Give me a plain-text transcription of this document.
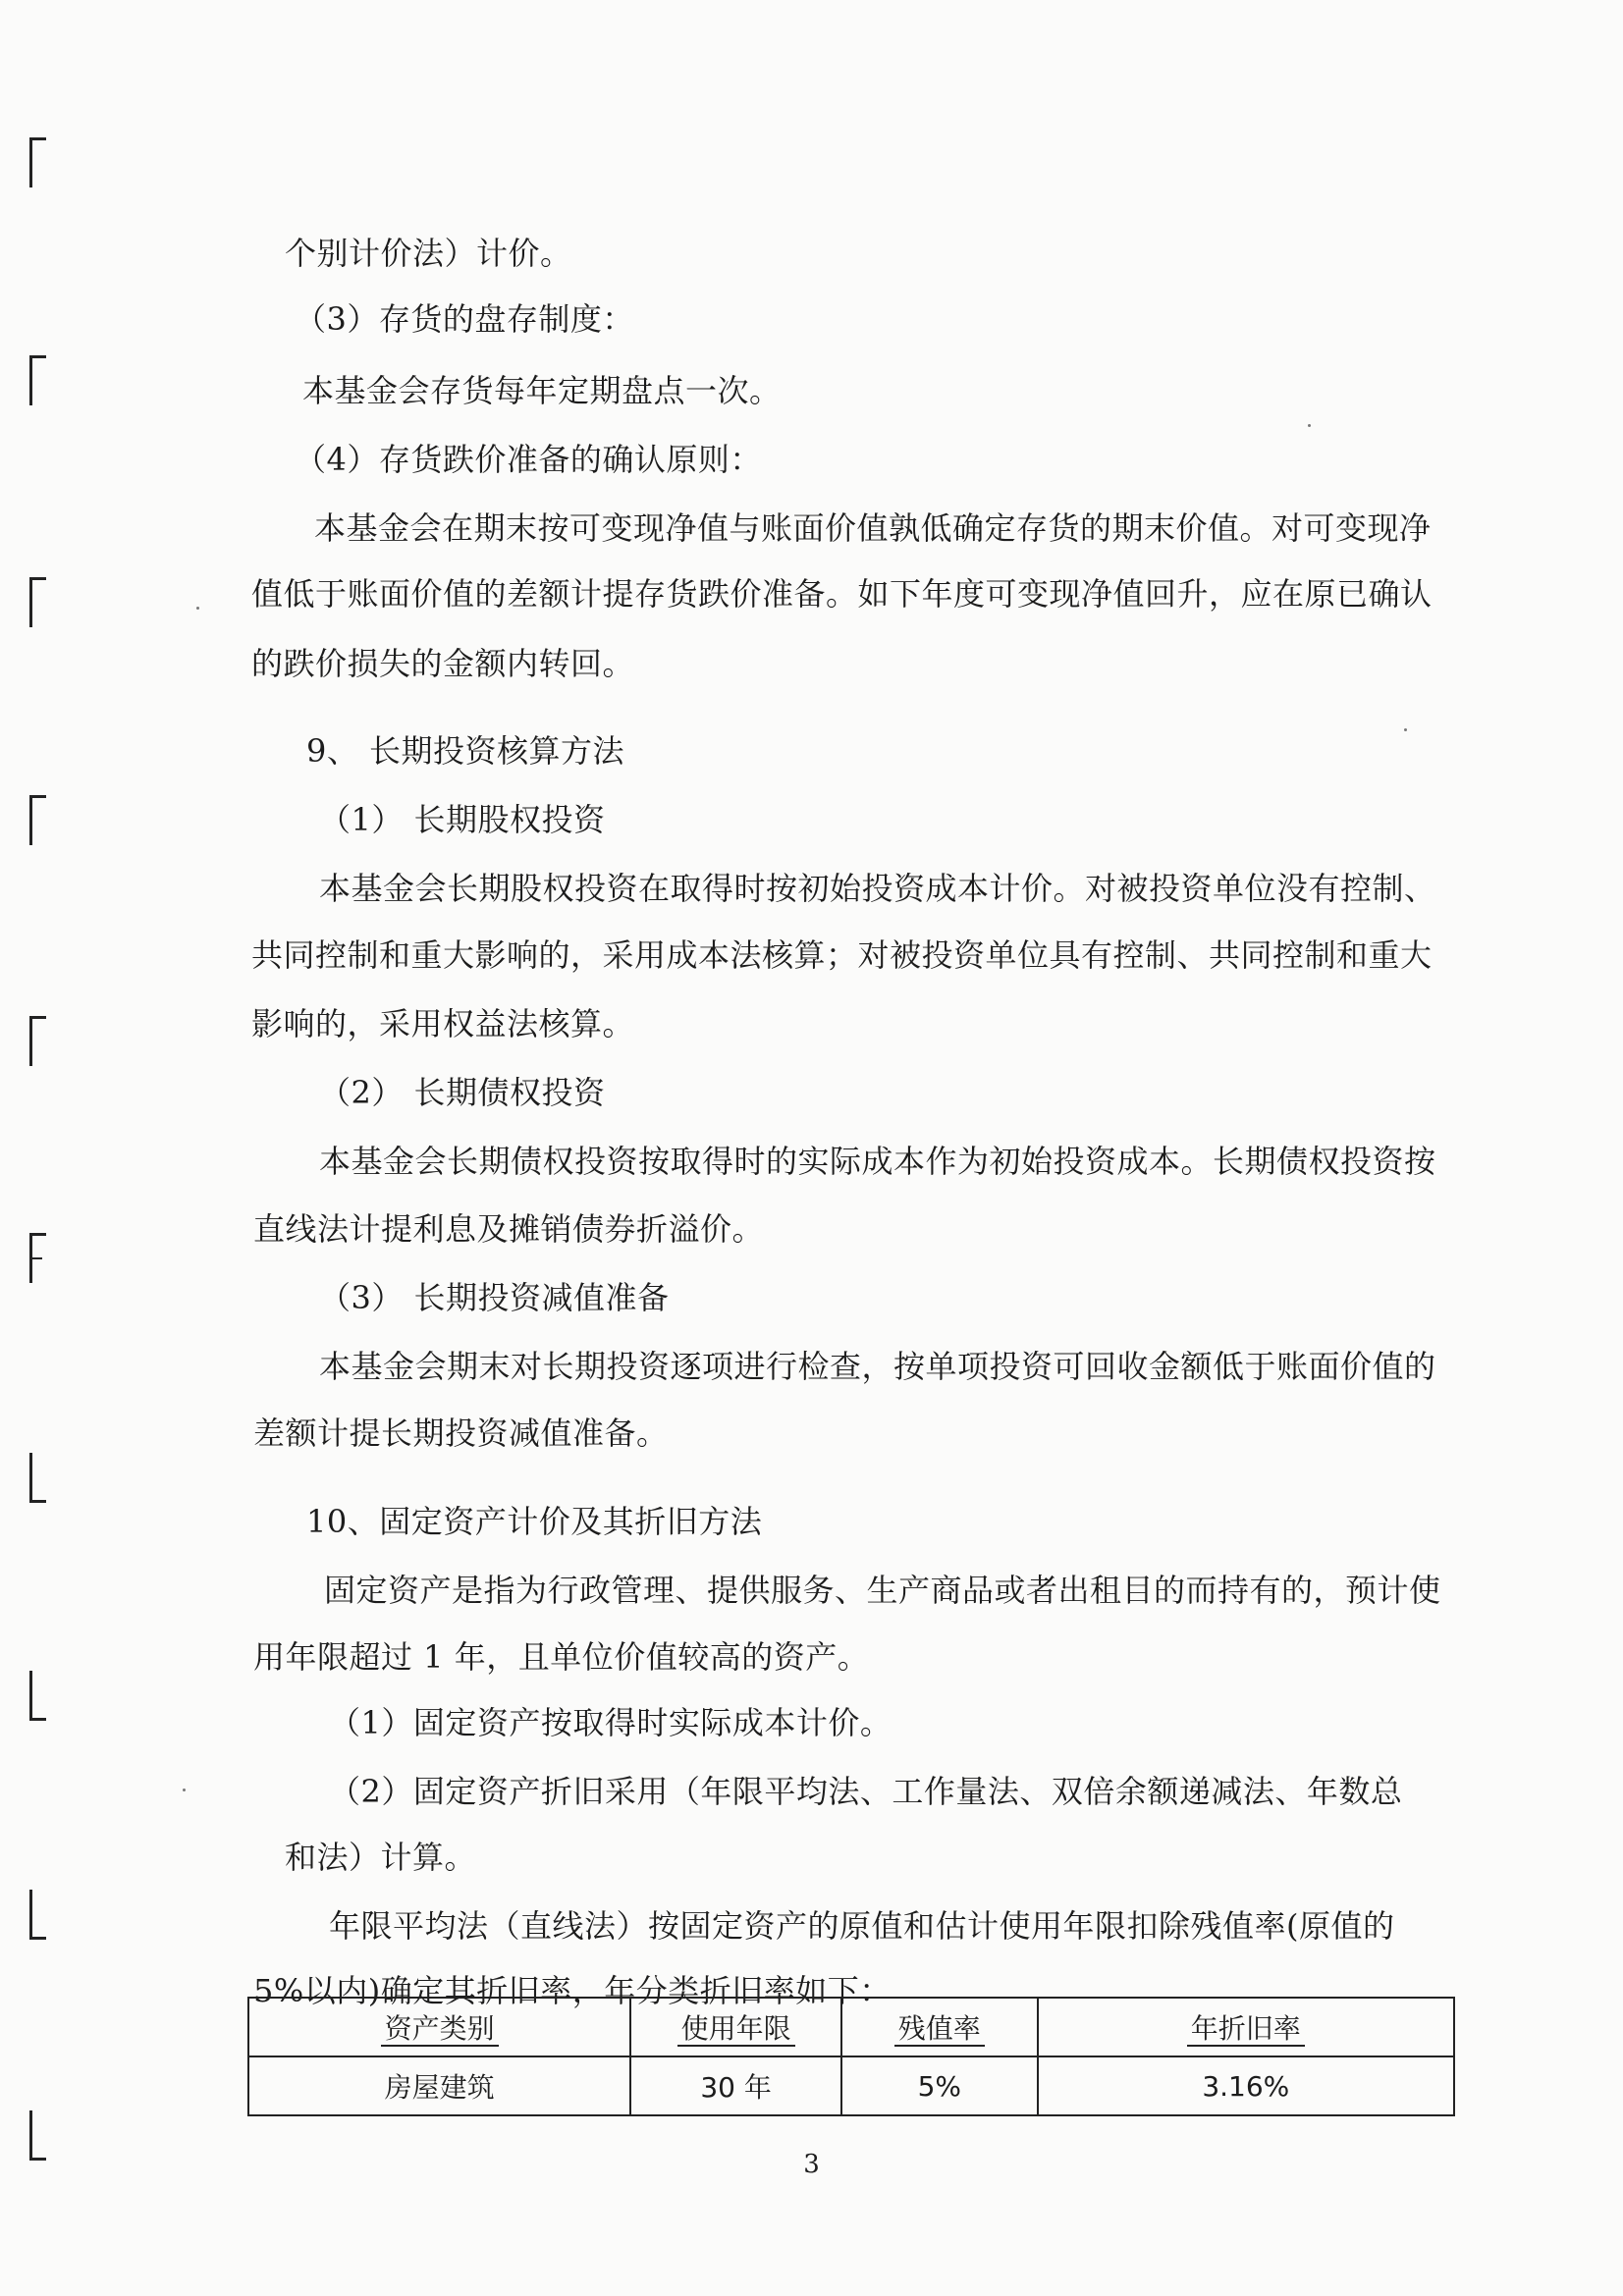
个别计价法）计价。
（3）存货的盘存制度：
本基金会存货每年定期盘点一次。
（4）存货跌价准备的确认原则：
本基金会在期末按可变现净值与账面价值孰低确定存货的期末价值。对可变现净
值低于账面价值的差额计提存货跌价准备。如下年度可变现净值回升，应在原已确认
的跌价损失的金额内转回。
9、 长期投资核算方法
（1） 长期股权投资
本基金会长期股权投资在取得时按初始投资成本计价。对被投资单位没有控制、
共同控制和重大影响的，采用成本法核算；对被投资单位具有控制、共同控制和重大
影响的，采用权益法核算。
（2） 长期债权投资
本基金会长期债权投资按取得时的实际成本作为初始投资成本。长期债权投资按
直线法计提利息及摊销债券折溢价。
（3） 长期投资减值准备
本基金会期末对长期投资逐项进行检查，按单项投资可回收金额低于账面价值的
差额计提长期投资减值准备。
10、固定资产计价及其折旧方法
固定资产是指为行政管理、提供服务、生产商品或者出租目的而持有的，预计使
用年限超过 1 年，且单位价值较高的资产。
（1）固定资产按取得时实际成本计价。
（2）固定资产折旧采用（年限平均法、工作量法、双倍余额递减法、年数总
和法）计算。
年限平均法（直线法）按固定资产的原值和估计使用年限扣除残值率(原值的
5%以内)确定其折旧率，年分类折旧率如下：
资产类别	使用年限	残值率	年折旧率
房屋建筑	30 年	5%	3.16%
3
